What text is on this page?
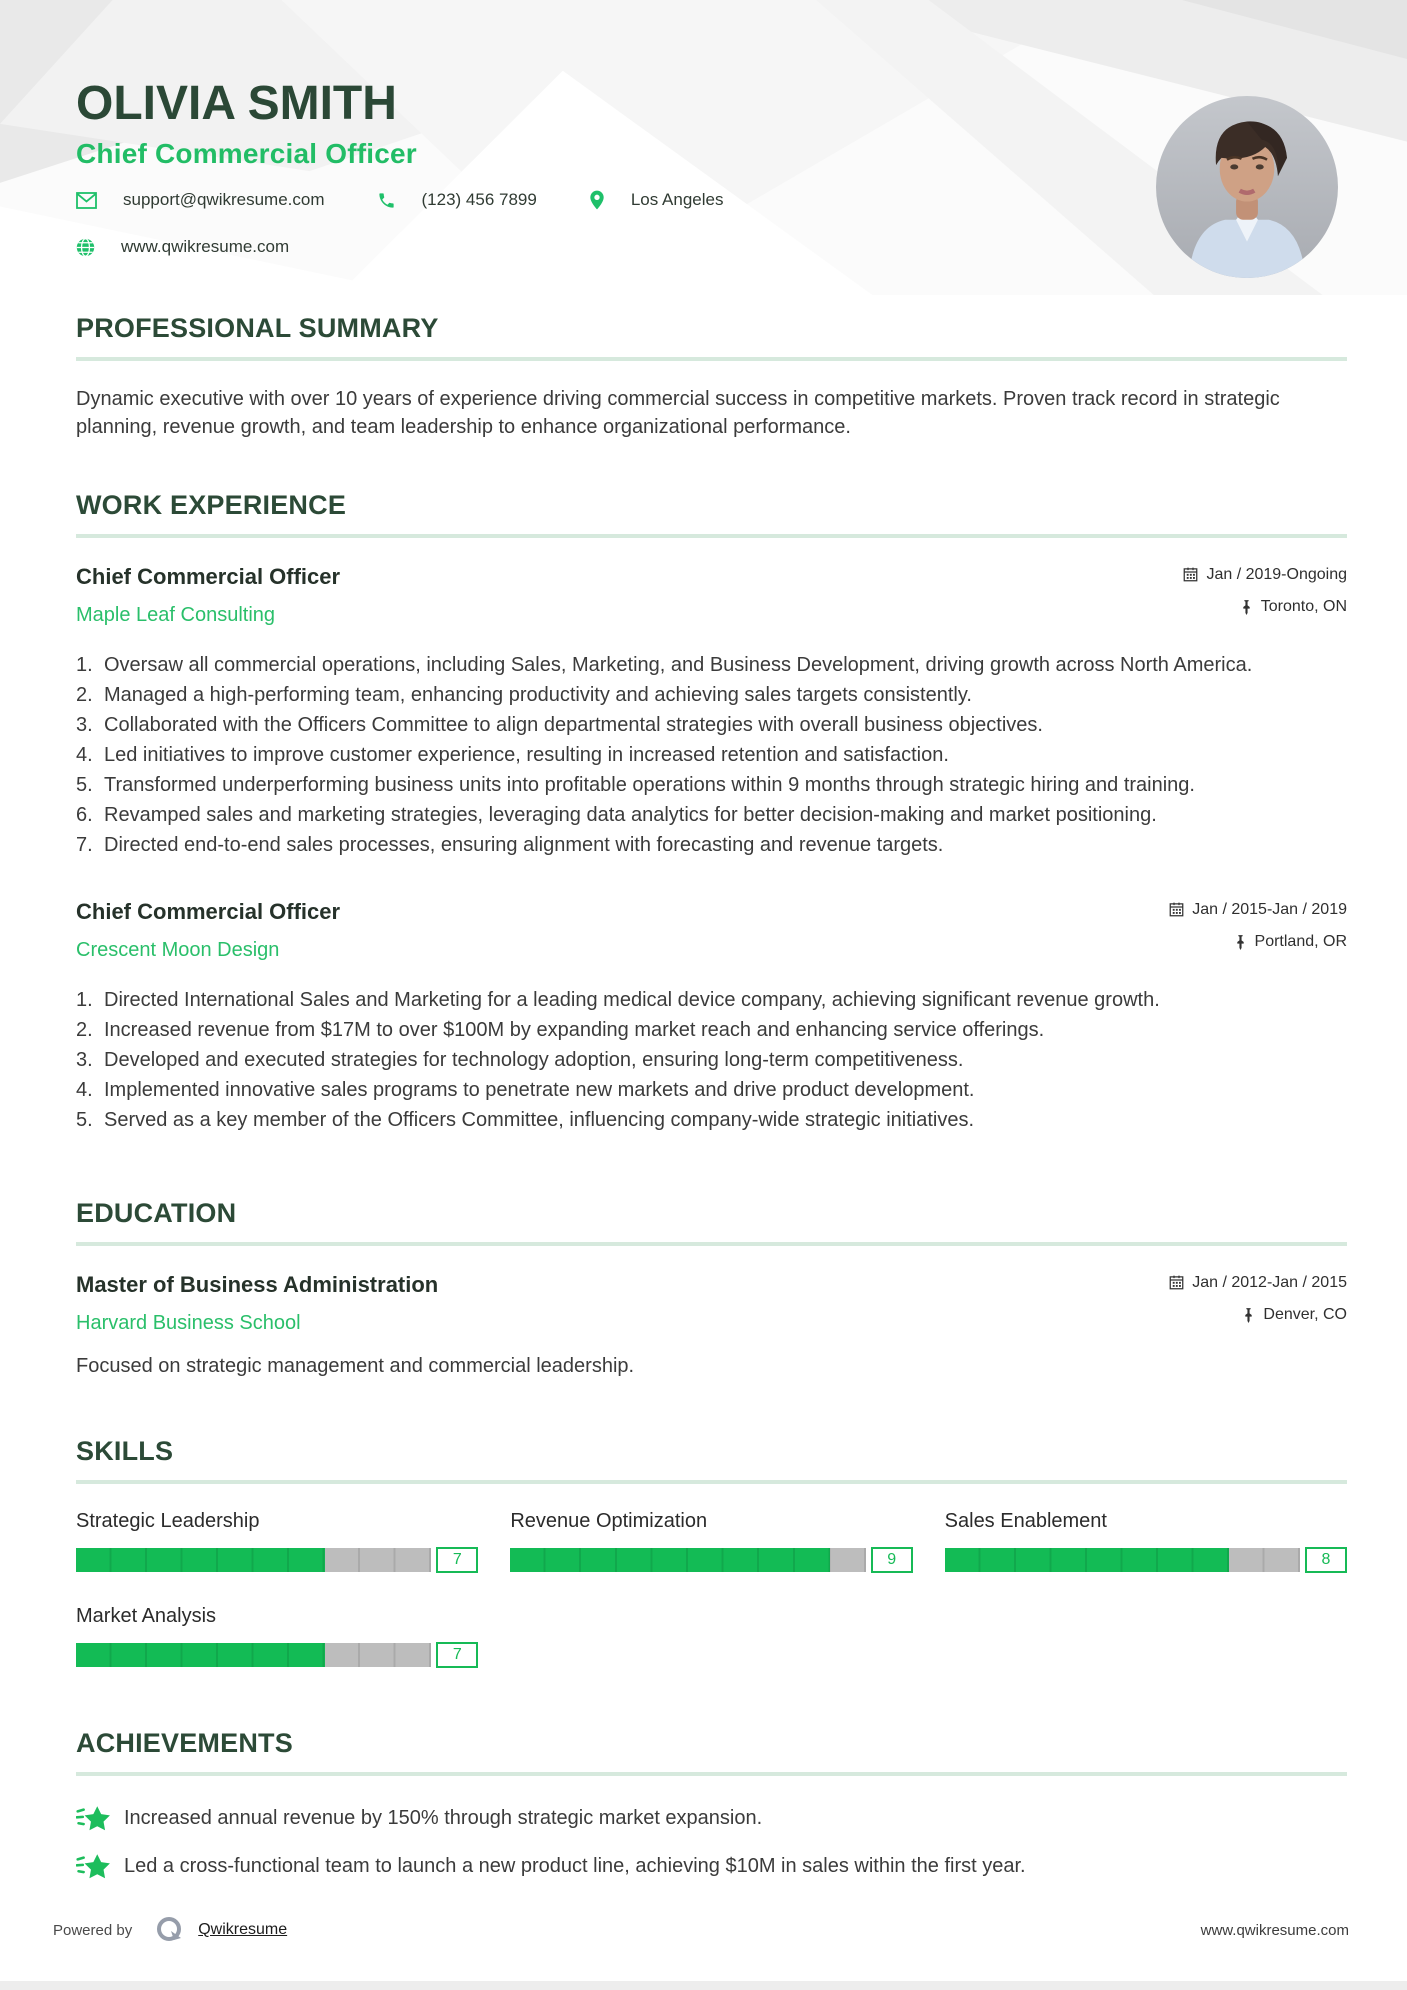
OLIVIA SMITH
Chief Commercial Officer
support@qwikresume.com	(123) 456 7899	Los Angeles
www.qwikresume.com
PROFESSIONAL SUMMARY

Dynamic executive with over 10 years of experience driving commercial success in competitive markets. Proven track record in strategic planning, revenue growth, and team leadership to enhance organizational performance.

WORK EXPERIENCE
Chief Commercial Officer
Maple Leaf Consulting
Jan / 2019-Ongoing
Toronto, ON
1. Oversaw all commercial operations, including Sales, Marketing, and Business Development, driving growth across North America.
2. Managed a high-performing team, enhancing productivity and achieving sales targets consistently.
3. Collaborated with the Officers Committee to align departmental strategies with overall business objectives.
4. Led initiatives to improve customer experience, resulting in increased retention and satisfaction.
5. Transformed underperforming business units into profitable operations within 9 months through strategic hiring and training.
6. Revamped sales and marketing strategies, leveraging data analytics for better decision-making and market positioning.
7. Directed end-to-end sales processes, ensuring alignment with forecasting and revenue targets.
Chief Commercial Officer
Crescent Moon Design
Jan / 2015-Jan / 2019
Portland, OR
1. Directed International Sales and Marketing for a leading medical device company, achieving significant revenue growth.
2. Increased revenue from $17M to over $100M by expanding market reach and enhancing service offerings.
3. Developed and executed strategies for technology adoption, ensuring long-term competitiveness.
4. Implemented innovative sales programs to penetrate new markets and drive product development.
5. Served as a key member of the Officers Committee, influencing company-wide strategic initiatives.
EDUCATION
Master of Business Administration
Harvard Business School
Jan / 2012-Jan / 2015
Denver, CO

Focused on strategic management and commercial leadership.

SKILLS
Strategic Leadership
7
Revenue Optimization
9
Sales Enablement
8
Market Analysis
7
ACHIEVEMENTS
Increased annual revenue by 150% through strategic market expansion.
Led a cross-functional team to launch a new product line, achieving $10M in sales within the first year.
Powered by	Qwikresume	www.qwikresume.com
